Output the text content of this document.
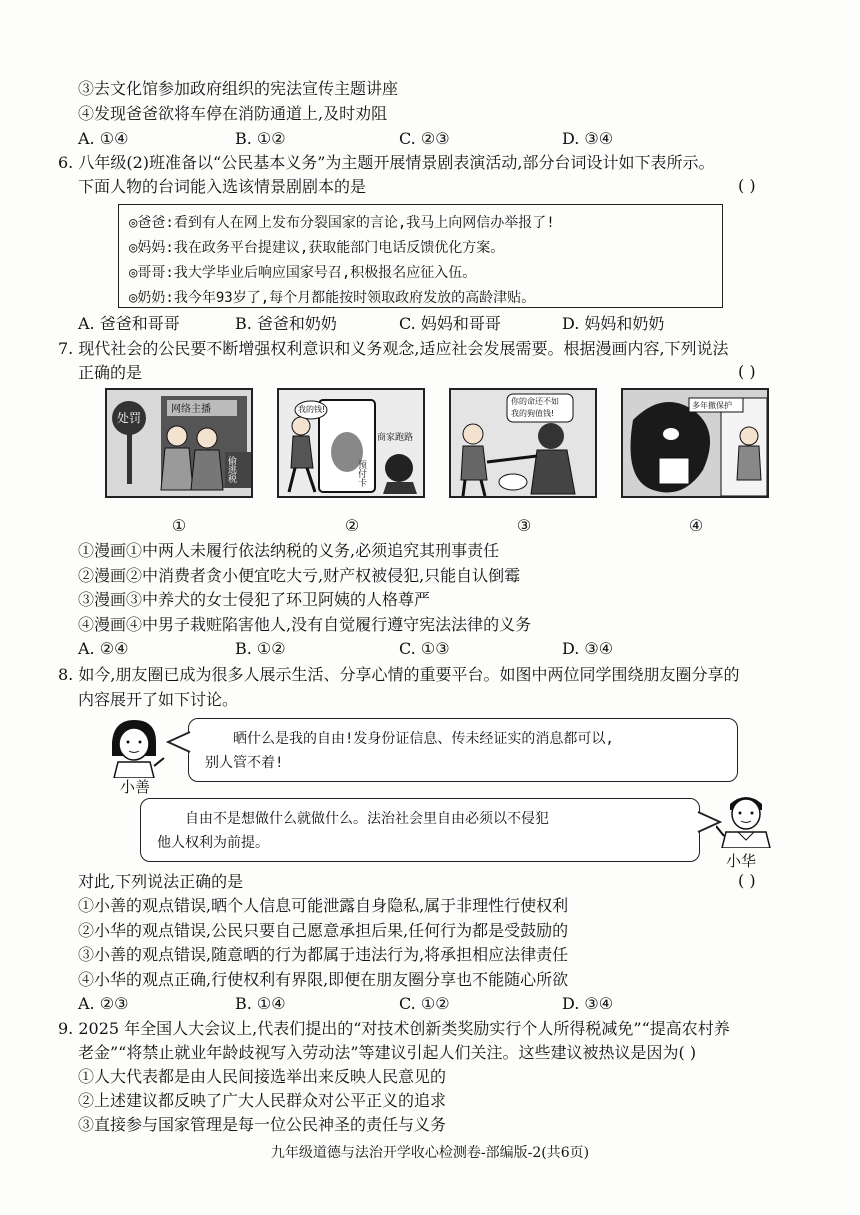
③去文化馆参加政府组织的宪法宣传主题讲座
④发现爸爸欲将车停在消防通道上,及时劝阻
A. ①④	B. ①②	C. ②③	D. ③④
6. 八年级(2)班准备以“公民基本义务”为主题开展情景剧表演活动,部分台词设计如下表所示。
下面人物的台词能入选该情景剧剧本的是	( )
◎爸爸:看到有人在网上发布分裂国家的言论,我马上向网信办举报了!
◎妈妈:我在政务平台提建议,获取能部门电话反馈优化方案。
◎哥哥:我大学毕业后响应国家号召,积极报名应征入伍。
◎奶奶:我今年93岁了,每个月都能按时领取政府发放的高龄津贴。
A. 爸爸和哥哥	B. 爸爸和奶奶	C. 妈妈和哥哥	D. 妈妈和奶奶
7. 现代社会的公民要不断增强权利意识和义务观念,适应社会发展需要。根据漫画内容,下列说法
正确的是	( )
网络主播
处罚
偷逃税
①
我的钱!
商家跑路
预付卡
②
你的命还不如
我的狗值钱!
③
多年撤保护
④
①漫画①中两人未履行依法纳税的义务,必须追究其刑事责任
②漫画②中消费者贪小便宜吃大亏,财产权被侵犯,只能自认倒霉
③漫画③中养犬的女士侵犯了环卫阿姨的人格尊严
④漫画④中男子栽赃陷害他人,没有自觉履行遵守宪法法律的义务
A. ②④	B. ①②	C. ①③	D. ③④
8. 如今,朋友圈已成为很多人展示生活、分享心情的重要平台。如图中两位同学围绕朋友圈分享的
内容展开了如下讨论。
小善
晒什么是我的自由!发身份证信息、传未经证实的消息都可以,
别人管不着!
自由不是想做什么就做什么。法治社会里自由必须以不侵犯
他人权利为前提。
小华
对此,下列说法正确的是	( )
①小善的观点错误,晒个人信息可能泄露自身隐私,属于非理性行使权利
②小华的观点错误,公民只要自己愿意承担后果,任何行为都是受鼓励的
③小善的观点错误,随意晒的行为都属于违法行为,将承担相应法律责任
④小华的观点正确,行使权利有界限,即便在朋友圈分享也不能随心所欲
A. ②③	B. ①④	C. ①②	D. ③④
9. 2025 年全国人大会议上,代表们提出的“对技术创新类奖励实行个人所得税减免”“提高农村养
老金”“将禁止就业年龄歧视写入劳动法”等建议引起人们关注。这些建议被热议是因为( )
①人大代表都是由人民间接选举出来反映人民意见的
②上述建议都反映了广大人民群众对公平正义的追求
③直接参与国家管理是每一位公民神圣的责任与义务
九年级道德与法治开学收心检测卷-部编版-2(共6页)
